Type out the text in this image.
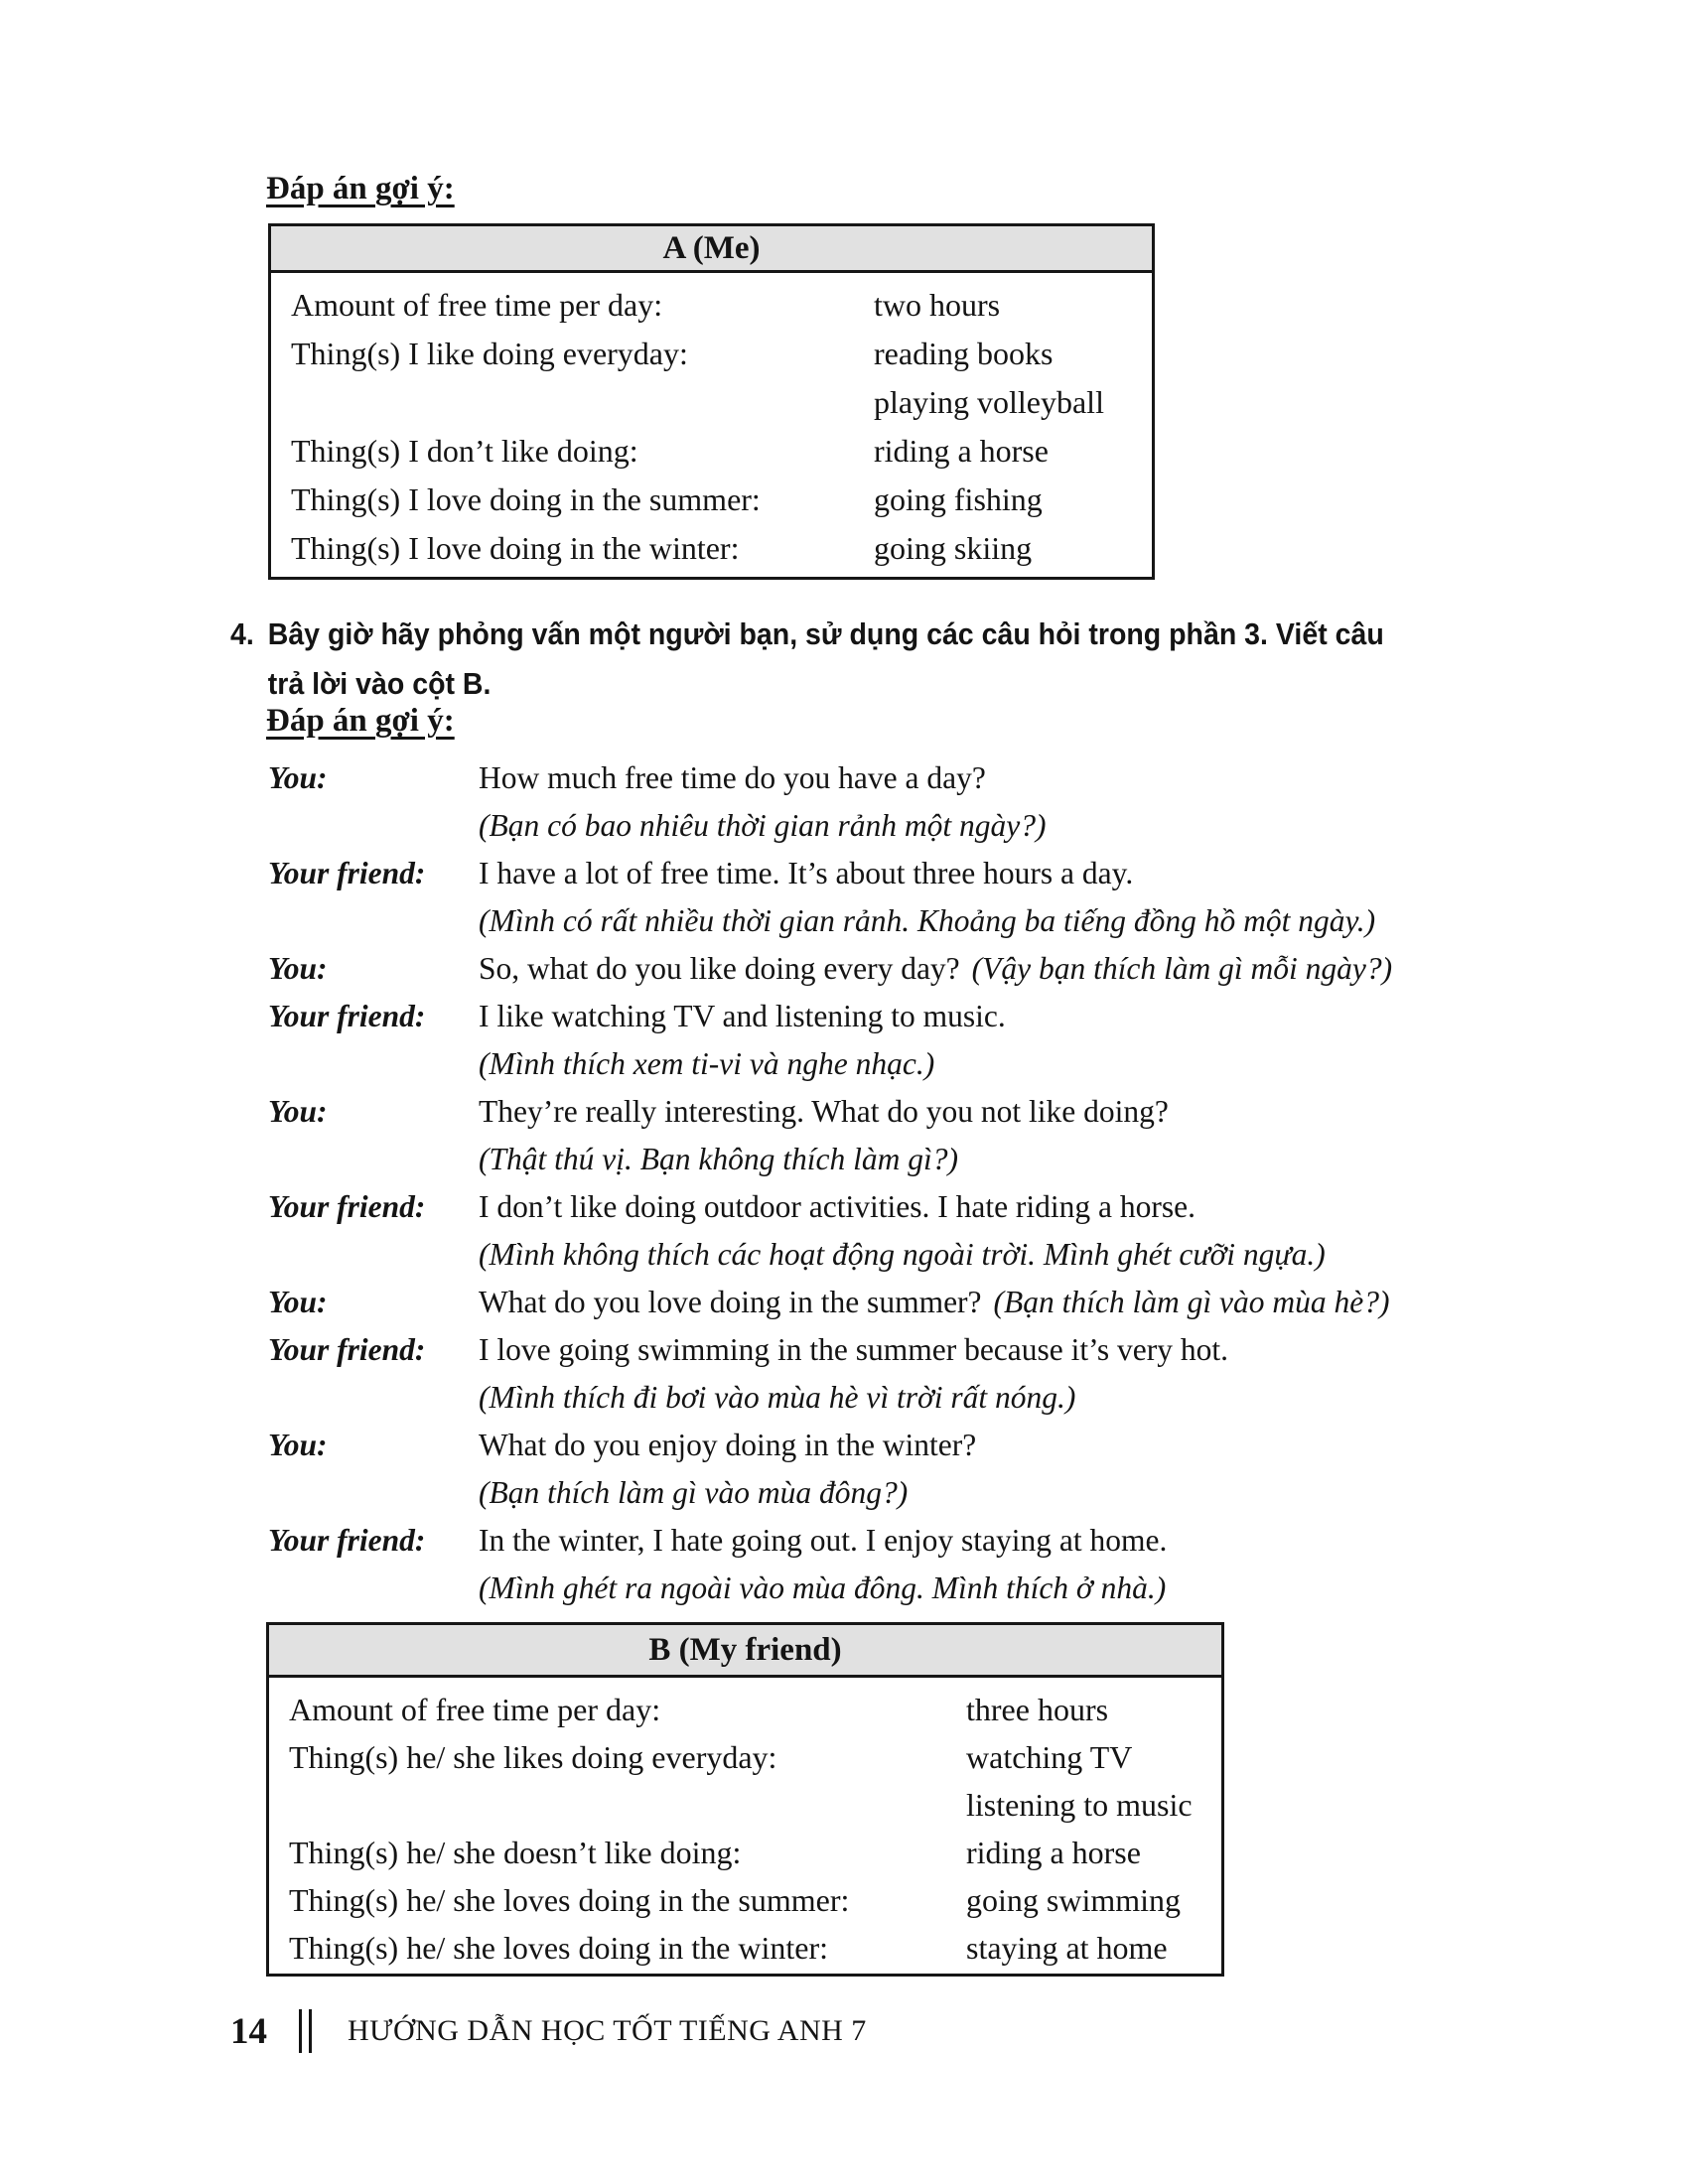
Đáp án gợi ý:
A (Me)
Amount of free time per day:	two hours
Thing(s) I like doing everyday:	reading books
playing volleyball
Thing(s) I don’t like doing:	riding a horse
Thing(s) I love doing in the summer:	going fishing
Thing(s) I love doing in the winter:	going skiing
4. Bây giờ hãy phỏng vấn một người bạn, sử dụng các câu hỏi trong phần 3. Viết câu
trả lời vào cột B.
Đáp án gợi ý:
You:	How much free time do you have a day?
(Bạn có bao nhiêu thời gian rảnh một ngày?)
Your friend:	I have a lot of free time. It’s about three hours a day.
(Mình có rất nhiều thời gian rảnh. Khoảng ba tiếng đồng hồ một ngày.)
You:	So, what do you like doing every day? (Vậy bạn thích làm gì mỗi ngày?)
Your friend:	I like watching TV and listening to music.
(Mình thích xem ti-vi và nghe nhạc.)
You:	They’re really interesting. What do you not like doing?
(Thật thú vị. Bạn không thích làm gì?)
Your friend:	I don’t like doing outdoor activities. I hate riding a horse.
(Mình không thích các hoạt động ngoài trời. Mình ghét cưỡi ngựa.)
You:	What do you love doing in the summer? (Bạn thích làm gì vào mùa hè?)
Your friend:	I love going swimming in the summer because it’s very hot.
(Mình thích đi bơi vào mùa hè vì trời rất nóng.)
You:	What do you enjoy doing in the winter?
(Bạn thích làm gì vào mùa đông?)
Your friend:	In the winter, I hate going out. I enjoy staying at home.
(Mình ghét ra ngoài vào mùa đông. Mình thích ở nhà.)
B (My friend)
Amount of free time per day:	three hours
Thing(s) he/ she likes doing everyday:	watching TV
listening to music
Thing(s) he/ she doesn’t like doing:	riding a horse
Thing(s) he/ she loves doing in the summer:	going swimming
Thing(s) he/ she loves doing in the winter:	staying at home
14	HƯỚNG DẪN HỌC TỐT TIẾNG ANH 7
